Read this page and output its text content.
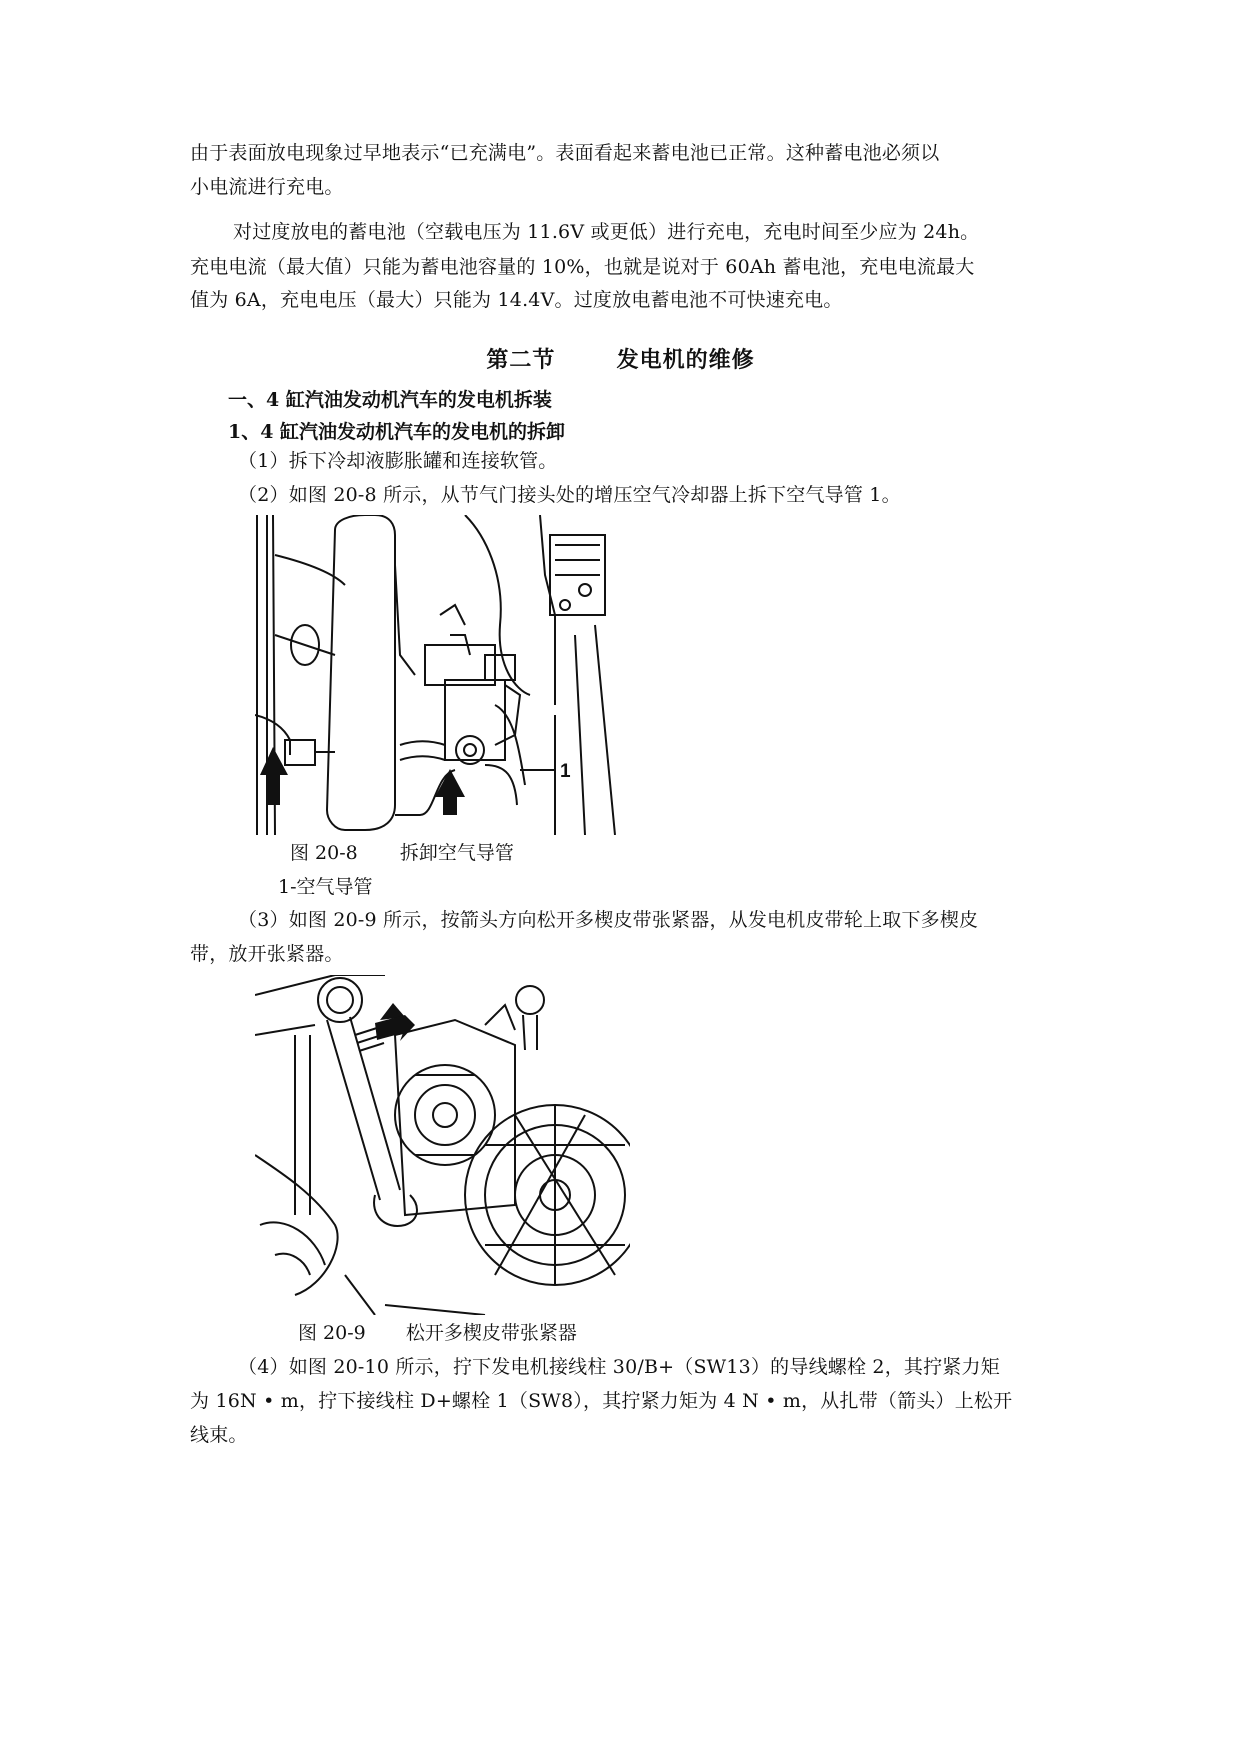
由于表面放电现象过早地表示“已充满电”。表面看起来蓄电池已正常。这种蓄电池必须以
小电流进行充电。
对过度放电的蓄电池（空载电压为 11.6V 或更低）进行充电，充电时间至少应为 24h。
充电电流（最大值）只能为蓄电池容量的 10%，也就是说对于 60Ah 蓄电池，充电电流最大
值为 6A，充电电压（最大）只能为 14.4V。过度放电蓄电池不可快速充电。
第二节	发电机的维修
一、4 缸汽油发动机汽车的发电机拆装
1、4 缸汽油发动机汽车的发电机的拆卸
（1）拆下冷却液膨胀罐和连接软管。
（2）如图 20-8 所示，从节气门接头处的增压空气冷却器上拆下空气导管 1。
1
图 20-8 拆卸空气导管
1-空气导管
（3）如图 20-9 所示，按箭头方向松开多楔皮带张紧器，从发电机皮带轮上取下多楔皮
带，放开张紧器。
图 20-9 松开多楔皮带张紧器
（4）如图 20-10 所示，拧下发电机接线柱 30/B+（SW13）的导线螺栓 2，其拧紧力矩
为 16N • m，拧下接线柱 D+螺栓 1（SW8），其拧紧力矩为 4 N • m，从扎带（箭头）上松开
线束。
